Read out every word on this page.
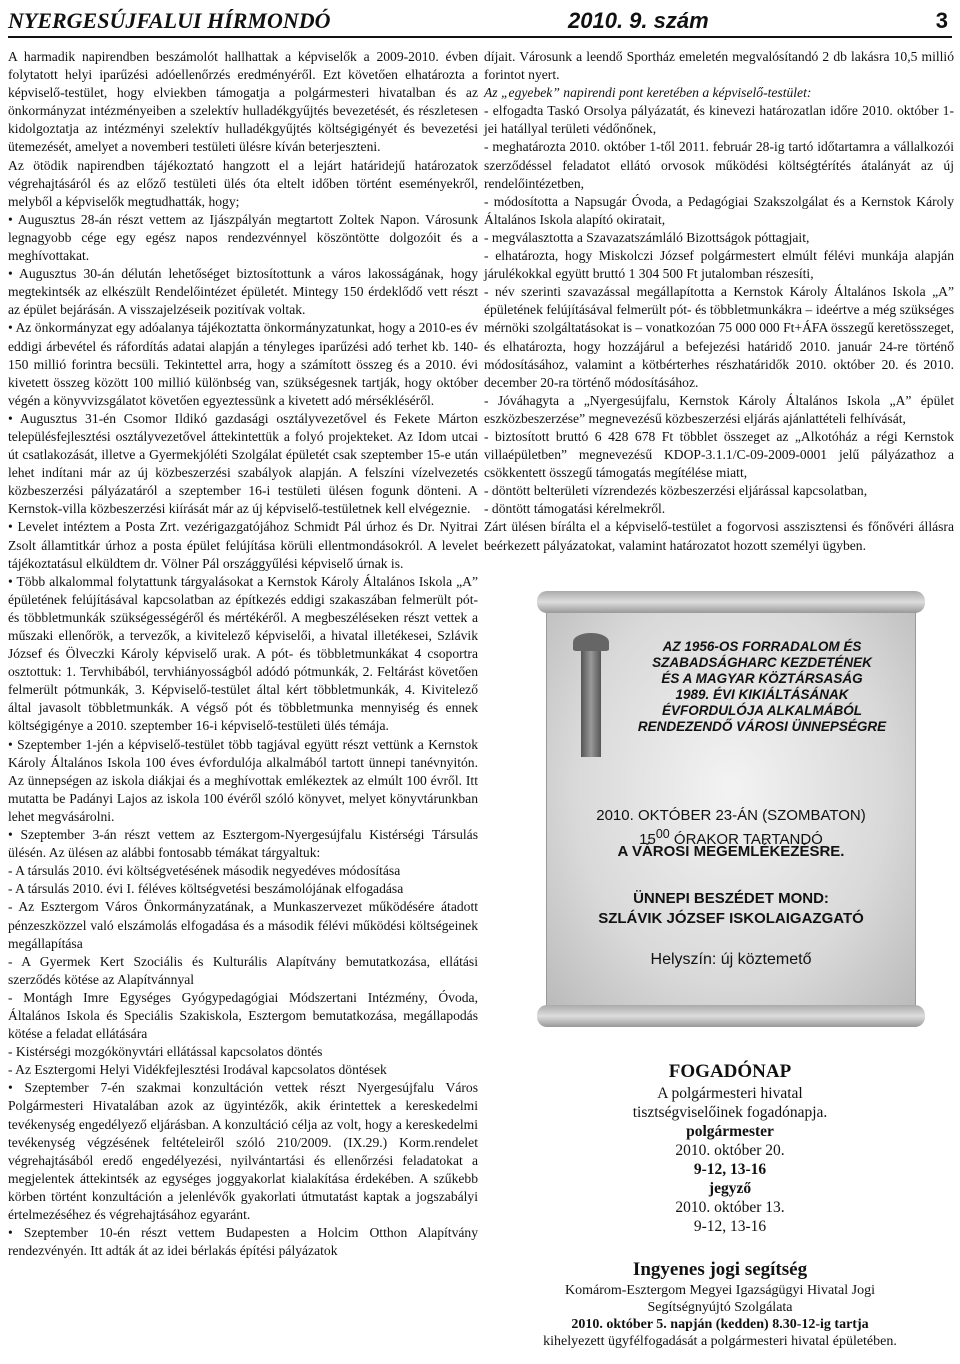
NYERGESÚJFALUI HÍRMONDÓ	2010. 9. szám	3

A harmadik napirendben beszámolót hallhattak a képviselők a 2009-2010. évben folytatott helyi iparűzési adóellenőrzés eredményéről. Ezt követően elhatározta a képviselő-testület, hogy elviekben támogatja a polgármesteri hivatalban és az önkormányzat intézményeiben a szelektív hulladékgyűjtés bevezetését, és részletesen kidolgoztatja az intézményi szelektív hulladékgyűjtés költségigényét és bevezetési ütemezését, amelyet a novemberi testületi ülésre kíván beterjeszteni.

Az ötödik napirendben tájékoztató hangzott el a lejárt határidejű határozatok végrehajtásáról és az előző testületi ülés óta eltelt időben történt eseményekről, melyből a képviselők megtudhatták, hogy;

• Augusztus 28-án részt vettem az Ijászpályán megtartott Zoltek Napon. Városunk legnagyobb cége egy egész napos rendezvénnyel köszöntötte dolgozóit és a meghívottakat.

• Augusztus 30-án délután lehetőséget biztosítottunk a város lakosságának, hogy megtekintsék az elkészült Rendelőintézet épületét. Mintegy 150 érdeklődő vett részt az épület bejárásán. A visszajelzéseik pozitívak voltak.

• Az önkormányzat egy adóalanya tájékoztatta önkormányzatunkat, hogy a 2010-es év eddigi árbevétel és ráfordítás adatai alapján a tényleges iparűzési adó terhet kb. 140-150 millió forintra becsüli. Tekintettel arra, hogy a számított összeg és a 2010. évi kivetett összeg között 100 millió különbség van, szükségesnek tartják, hogy október végén a könyvvizsgálatot követően egyeztessünk a kivetett adó mérsékléséről.

• Augusztus 31-én Csomor Ildikó gazdasági osztályvezetővel és Fekete Márton településfejlesztési osztályvezetővel áttekintettük a folyó projekteket. Az Idom utcai út csatlakozását, illetve a Gyermekjóléti Szolgálat épületét csak szeptember 15-e után lehet indítani már az új közbeszerzési szabályok alapján. A felszíni vízelvezetés közbeszerzési pályázatáról a szeptember 16-i testületi ülésen fogunk dönteni. A Kernstok-villa közbeszerzési kiírását már az új képviselő-testületnek kell elvégeznie.

• Levelet intéztem a Posta Zrt. vezérigazgatójához Schmidt Pál úrhoz és Dr. Nyitrai Zsolt államtitkár úrhoz a posta épület felújítása körüli ellentmondásokról. A levelet tájékoztatásul elküldtem dr. Völner Pál országgyűlési képviselő úrnak is.

• Több alkalommal folytattunk tárgyalásokat a Kernstok Károly Általános Iskola „A” épületének felújításával kapcsolatban az építkezés eddigi szakaszában felmerült pót- és többletmunkák szükségességéről és mértékéről. A megbeszéléseken részt vettek a műszaki ellenőrök, a tervezők, a kivitelező képviselői, a hivatal illetékesei, Szlávik József és Ölveczki Károly képviselő urak. A pót- és többletmunkákat 4 csoportra osztottuk: 1. Tervhibából, tervhiányosságból adódó pótmunkák, 2. Feltárást követően felmerült pótmunkák, 3. Képviselő-testület által kért többletmunkák, 4. Kivitelező által javasolt többletmunkák. A végső pót és többletmunka mennyiség és ennek költségigénye a 2010. szeptember 16-i képviselő-testületi ülés témája.

• Szeptember 1-jén a képviselő-testület több tagjával együtt részt vettünk a Kernstok Károly Általános Iskola 100 éves évfordulója alkalmából tartott ünnepi tanévnyitón. Az ünnepségen az iskola diákjai és a meghívottak emlékeztek az elmúlt 100 évről. Itt mutatta be Padányi Lajos az iskola 100 évéről szóló könyvet, melyet könyvtárunkban lehet megvásárolni.

• Szeptember 3-án részt vettem az Esztergom-Nyergesújfalu Kistérségi Társulás ülésén. Az ülésen az alábbi fontosabb témákat tárgyaltuk:

- A társulás 2010. évi költségvetésének második negyedéves módosítása

- A társulás 2010. évi I. féléves költségvetési beszámolójának elfogadása

- Az Esztergom Város Önkormányzatának, a Munkaszervezet működésére átadott pénzeszközzel való elszámolás elfogadása és a második félévi működési költségeinek megállapítása

- A Gyermek Kert Szociális és Kulturális Alapítvány bemutatkozása, ellátási szerződés kötése az Alapítvánnyal

- Montágh Imre Egységes Gyógypedagógiai Módszertani Intézmény, Óvoda, Általános Iskola és Speciális Szakiskola, Esztergom bemutatkozása, megállapodás kötése a feladat ellátására

- Kistérségi mozgókönyvtári ellátással kapcsolatos döntés

- Az Esztergomi Helyi Vidékfejlesztési Irodával kapcsolatos döntések

• Szeptember 7-én szakmai konzultáción vettek részt Nyergesújfalu Város Polgármesteri Hivatalában azok az ügyintézők, akik érintettek a kereskedelmi tevékenység engedélyező eljárásban. A konzultáció célja az volt, hogy a kereskedelmi tevékenység végzésének feltételeiről szóló 210/2009. (IX.29.) Korm.rendelet végrehajtásából eredő engedélyezési, nyilvántartási és ellenőrzési feladatokat a megjelentek áttekintsék az egységes joggyakorlat kialakítása érdekében. A szűkebb körben történt konzultáción a jelenlévők gyakorlati útmutatást kaptak a jogszabályi értelmezéséhez és végrehajtásához egyaránt.

• Szeptember 10-én részt vettem Budapesten a Holcim Otthon Alapítvány rendezvényén. Itt adták át az idei bérlakás építési pályázatok

díjait. Városunk a leendő Sportház emeletén megvalósítandó 2 db lakásra 10,5 millió forintot nyert.

Az „egyebek” napirendi pont keretében a képviselő-testület:

- elfogadta Taskó Orsolya pályázatát, és kinevezi határozatlan időre 2010. október 1-jei hatállyal területi védőnőnek,

- meghatározta 2010. október 1-től 2011. február 28-ig tartó időtartamra a vállalkozói szerződéssel feladatot ellátó orvosok működési költségtérítés átalányát az új rendelőintézetben,

- módosította a Napsugár Óvoda, a Pedagógiai Szakszolgálat és a Kernstok Károly Általános Iskola alapító okiratait,

- megválasztotta a Szavazatszámláló Bizottságok póttagjait,

- elhatározta, hogy Miskolczi József polgármestert elmúlt félévi munkája alapján járulékokkal együtt bruttó 1 304 500 Ft jutalomban részesíti,

- név szerinti szavazással megállapította a Kernstok Károly Általános Iskola „A” épületének felújításával felmerült pót- és többletmunkákra – ideértve a még szükséges mérnöki szolgáltatásokat is – vonatkozóan 75 000 000 Ft+ÁFA összegű keretösszeget, és elhatározta, hogy hozzájárul a befejezési határidő 2010. január 24-re történő módosításához, valamint a kötbérterhes részhatáridők 2010. október 20. és 2010. december 20-ra történő módosításához.

- Jóváhagyta a „Nyergesújfalu, Kernstok Károly Általános Iskola „A” épület eszközbeszerzése” megnevezésű közbeszerzési eljárás ajánlattételi felhívását,

- biztosított bruttó 6 428 678 Ft többlet összeget az „Alkotóház a régi Kernstok villaépületben” megnevezésű KDOP-3.1.1/C-09-2009-0001 jelű pályázathoz a csökkentett összegű támogatás megítélése miatt,

- döntött belterületi vízrendezés közbeszerzési eljárással kapcsolatban,

- döntött támogatási kérelmekről.

Zárt ülésen bírálta el a képviselő-testület a fogorvosi asszisztensi és főnővéri állásra beérkezett pályázatokat, valamint határozatot hozott személyi ügyben.

AZ 1956-OS FORRADALOM ÉS
SZABADSÁGHARC KEZDETÉNEK
ÉS A MAGYAR KÖZTÁRSASÁG
1989. ÉVI KIKIÁLTÁSÁNAK
ÉVFORDULÓJA ALKALMÁBÓL
RENDEZENDŐ VÁROSI ÜNNEPSÉGRE
2010. OKTÓBER 23-ÁN (SZOMBATON)
$15^{00}$ ÓRAKOR TARTANDÓ
A VÁROSI MEGEMLÉKEZÉSRE.
ÜNNEPI BESZÉDET MOND:
SZLÁVIK JÓZSEF ISKOLAIGAZGATÓ
Helyszín: új köztemető
FOGADÓNAP
A polgármesteri hivatal
tisztségviselőinek fogadónapja.
polgármester
2010. október 20.
9-12, 13-16
jegyző
2010. október 13.
9-12, 13-16
Ingyenes jogi segítség
Komárom-Esztergom Megyei Igazságügyi Hivatal Jogi
Segítségnyújtó Szolgálata
2010. október 5. napján (kedden) 8.30-12-ig tartja
kihelyezett ügyfélfogadását a polgármesteri hivatal épületében.
